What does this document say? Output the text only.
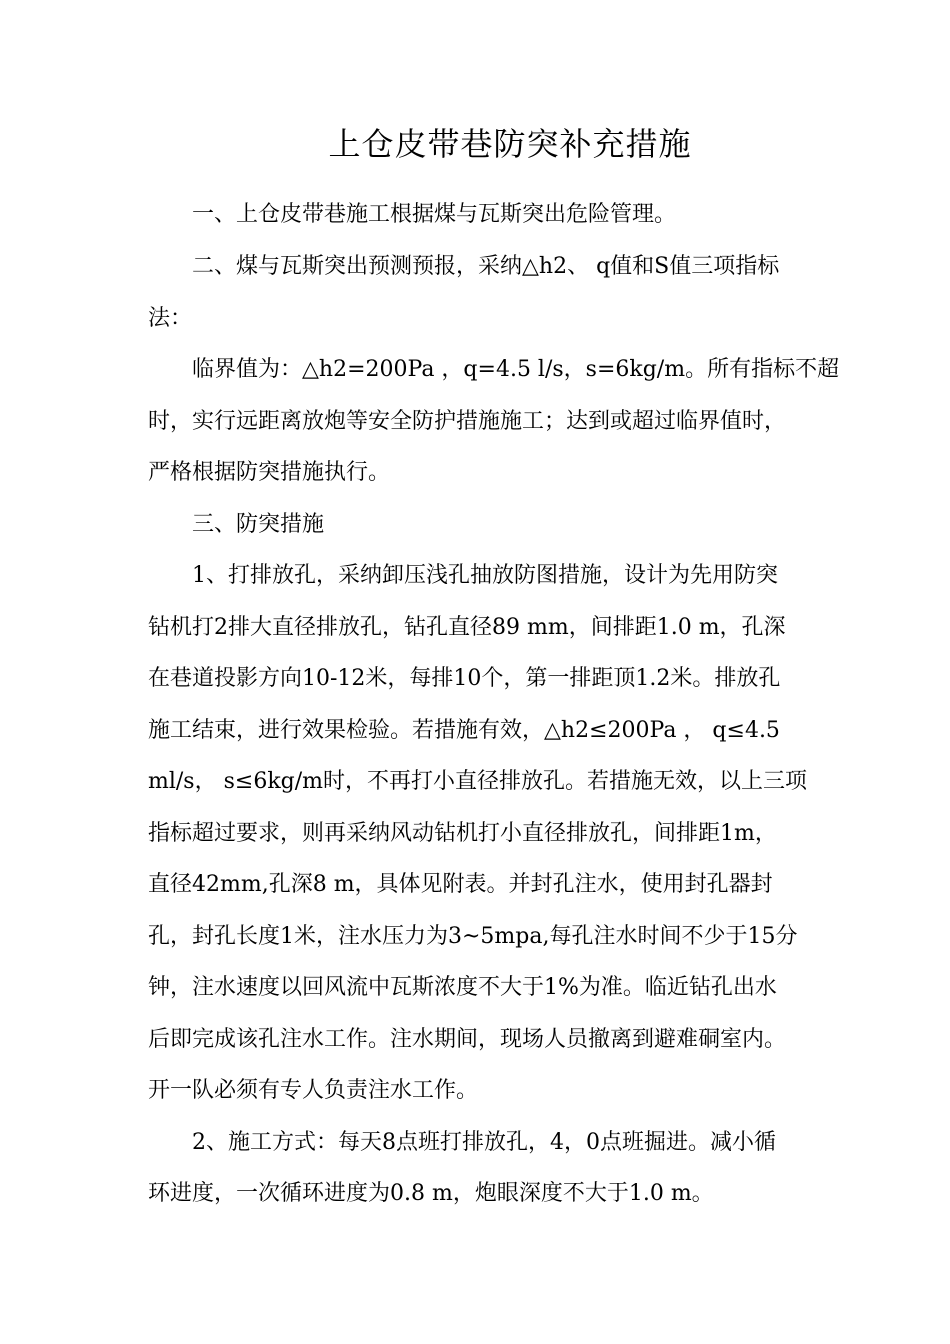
上仓皮带巷防突补充措施

一、上仓皮带巷施工根据煤与瓦斯突出危险管理。

二、煤与瓦斯突出预测预报，采纳△h2、 q值和S值三项指标

法：

临界值为：△h2=200Pa ，q=4.5 l/s，s=6kg/m。所有指标不超

时，实行远距离放炮等安全防护措施施工；达到或超过临界值时，

严格根据防突措施执行。

三、防突措施

1、打排放孔，采纳卸压浅孔抽放防图措施，设计为先用防突

钻机打2排大直径排放孔，钻孔直径89 mm，间排距1.0 m，孔深

在巷道投影方向10-12米，每排10个，第一排距顶1.2米。排放孔

施工结束，进行效果检验。若措施有效，△h2≤200Pa ， q≤4.5

ml/s， s≤6kg/m时，不再打小直径排放孔。若措施无效，以上三项

指标超过要求，则再采纳风动钻机打小直径排放孔，间排距1m，

直径42mm,孔深8 m，具体见附表。并封孔注水，使用封孔器封

孔，封孔长度1米，注水压力为3~5mpa,每孔注水时间不少于15分

钟，注水速度以回风流中瓦斯浓度不大于1%为准。临近钻孔出水

后即完成该孔注水工作。注水期间，现场人员撤离到避难硐室内。

开一队必须有专人负责注水工作。

2、施工方式：每天8点班打排放孔，4，0点班掘进。减小循

环进度，一次循环进度为0.8 m，炮眼深度不大于1.0 m。
